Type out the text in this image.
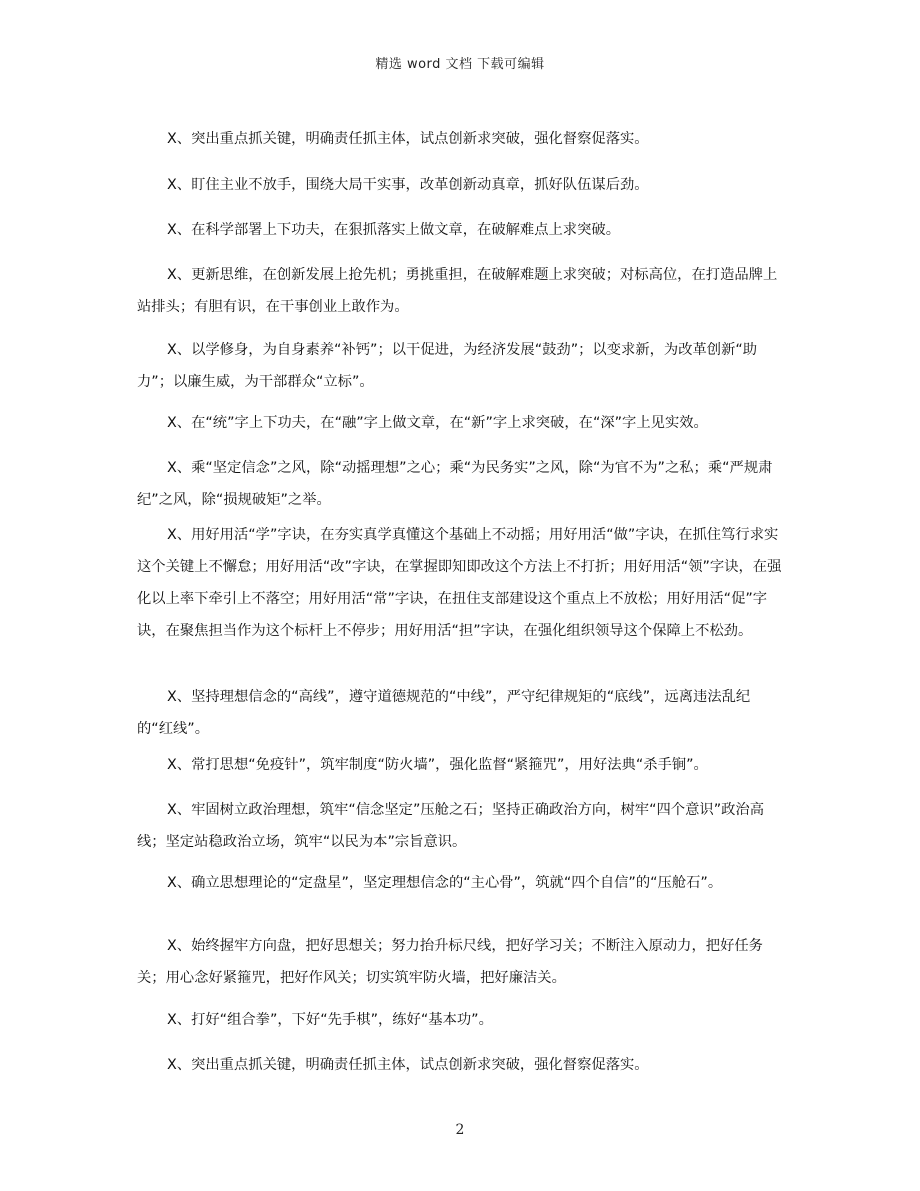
精选 word 文档 下载可编辑

X、突出重点抓关键，明确责任抓主体，试点创新求突破，强化督察促落实。

X、盯住主业不放手，围绕大局干实事，改革创新动真章，抓好队伍谋后劲。

X、在科学部署上下功夫，在狠抓落实上做文章，在破解难点上求突破。

X、更新思维，在创新发展上抢先机；勇挑重担，在破解难题上求突破；对标高位，在打造品牌上站排头；有胆有识，在干事创业上敢作为。

X、以学修身，为自身素养“补钙”；以干促进，为经济发展“鼓劲”；以变求新，为改革创新“助力”；以廉生威，为干部群众“立标”。

X、在“统”字上下功夫，在“融”字上做文章，在“新”字上求突破，在“深”字上见实效。

X、乘“坚定信念”之风，除“动摇理想”之心；乘“为民务实”之风，除“为官不为”之私；乘“严规肃纪”之风，除“损规破矩”之举。

X、用好用活“学”字诀，在夯实真学真懂这个基础上不动摇；用好用活“做”字诀，在抓住笃行求实这个关键上不懈怠；用好用活“改”字诀，在掌握即知即改这个方法上不打折；用好用活“领”字诀，在强化以上率下牵引上不落空；用好用活“常”字诀，在扭住支部建设这个重点上不放松；用好用活“促”字诀，在聚焦担当作为这个标杆上不停步；用好用活“担”字诀，在强化组织领导这个保障上不松劲。

X、坚持理想信念的“高线”，遵守道德规范的“中线”，严守纪律规矩的“底线”，远离违法乱纪的“红线”。

X、常打思想“免疫针”，筑牢制度“防火墙”，强化监督“紧箍咒”，用好法典“杀手锏”。

X、牢固树立政治理想，筑牢“信念坚定”压舱之石；坚持正确政治方向，树牢“四个意识”政治高线；坚定站稳政治立场，筑牢“以民为本”宗旨意识。

X、确立思想理论的“定盘星”，坚定理想信念的“主心骨”，筑就“四个自信”的“压舱石”。

X、始终握牢方向盘，把好思想关；努力抬升标尺线，把好学习关；不断注入原动力，把好任务关；用心念好紧箍咒，把好作风关；切实筑牢防火墙，把好廉洁关。

X、打好“组合拳”，下好“先手棋”，练好“基本功”。

X、突出重点抓关键，明确责任抓主体，试点创新求突破，强化督察促落实。

2
